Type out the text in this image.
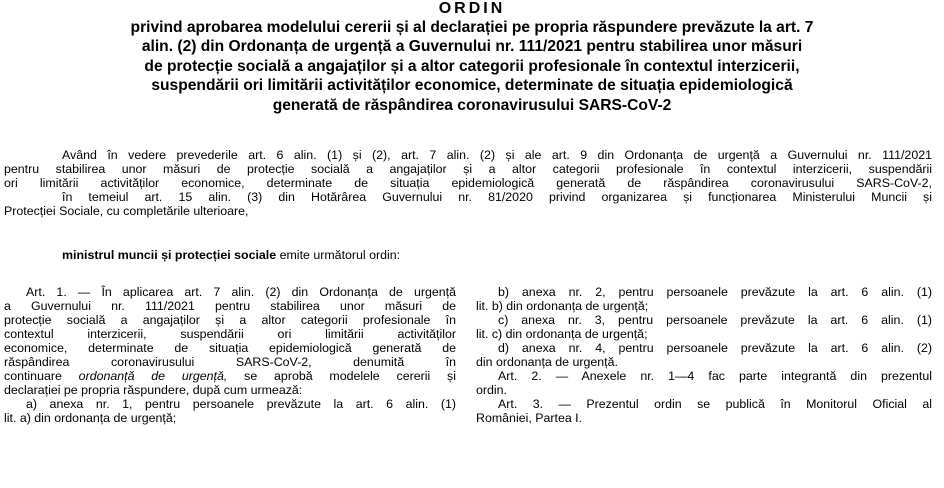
ORDIN

privind aprobarea modelului cererii și al declarației pe propria răspundere prevăzute la art. 7
alin. (2) din Ordonanța de urgență a Guvernului nr. 111/2021 pentru stabilirea unor măsuri
de protecție socială a angajaților și a altor categorii profesionale în contextul interzicerii,
suspendării ori limitării activităților economice, determinate de situația epidemiologică
generată de răspândirea coronavirusului SARS-CoV-2
Având în vedere prevederile art. 6 alin. (1) și (2), art. 7 alin. (2) și ale art. 9 din Ordonanța de urgență a Guvernului nr. 111/2021
pentru stabilirea unor măsuri de protecție socială a angajaților și a altor categorii profesionale în contextul interzicerii, suspendării
ori limitării activităților economice, determinate de situația epidemiologică generată de răspândirea coronavirusului SARS-CoV-2,
în temeiul art. 15 alin. (3) din Hotărârea Guvernului nr. 81/2020 privind organizarea și funcționarea Ministerului Muncii și
Protecției Sociale, cu completările ulterioare,
ministrul muncii și protecției sociale emite următorul ordin:
Art. 1. — În aplicarea art. 7 alin. (2) din Ordonanța de urgență
a Guvernului nr. 111/2021 pentru stabilirea unor măsuri de
protecție socială a angajaților și a altor categorii profesionale în
contextul interzicerii, suspendării ori limitării activităților
economice, determinate de situația epidemiologică generată de
răspândirea coronavirusului SARS-CoV-2, denumită în
continuare ordonanță de urgență, se aprobă modelele cererii și
declarației pe propria răspundere, după cum urmează:
a) anexa nr. 1, pentru persoanele prevăzute la art. 6 alin. (1)
lit. a) din ordonanța de urgență;
b) anexa nr. 2, pentru persoanele prevăzute la art. 6 alin. (1)
lit. b) din ordonanța de urgență;
c) anexa nr. 3, pentru persoanele prevăzute la art. 6 alin. (1)
lit. c) din ordonanța de urgență;
d) anexa nr. 4, pentru persoanele prevăzute la art. 6 alin. (2)
din ordonanța de urgență.
Art. 2. — Anexele nr. 1—4 fac parte integrantă din prezentul
ordin.
Art. 3. — Prezentul ordin se publică în Monitorul Oficial al
României, Partea I.
